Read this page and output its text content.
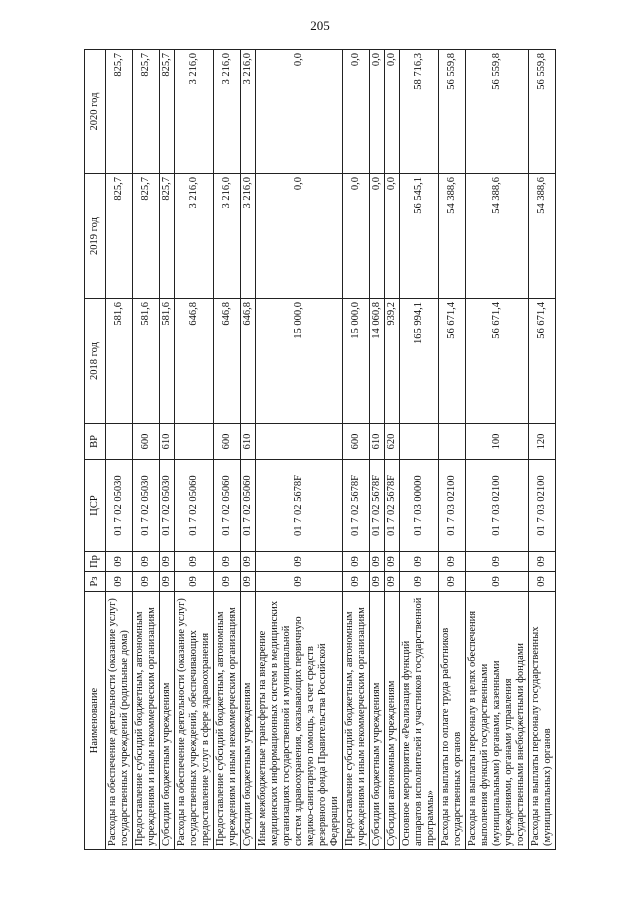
205
Наименование	Рз	Пр	ЦСР	ВР	2018 год	2019 год	2020 год
Расходы на обеспечение деятельности (оказание услуг) государственных учреждений (родильные дома)	09	09	01 7 02 05030		581,6	825,7	825,7
Предоставление субсидий бюджетным, автономным учреждениям и иным некоммерческим организациям	09	09	01 7 02 05030	600	581,6	825,7	825,7
Субсидии бюджетным учреждениям	09	09	01 7 02 05030	610	581,6	825,7	825,7
Расходы на обеспечение деятельности (оказание услуг) государственных учреждений, обеспечивающих предоставление услуг в сфере здравоохранения	09	09	01 7 02 05060		646,8	3 216,0	3 216,0
Предоставление субсидий бюджетным, автономным учреждениям и иным некоммерческим организациям	09	09	01 7 02 05060	600	646,8	3 216,0	3 216,0
Субсидии бюджетным учреждениям	09	09	01 7 02 05060	610	646,8	3 216,0	3 216,0
Иные межбюджетные трансферты на внедрение медицинских информационных систем в медицинских организациях государственной и муниципальной систем здравоохранения, оказывающих первичную медико-санитарную помощь, за счет средств резервного фонда Правительства Российской Федерации	09	09	01 7 02 5678F		15 000,0	0,0	0,0
Предоставление субсидий бюджетным, автономным учреждениям и иным некоммерческим организациям	09	09	01 7 02 5678F	600	15 000,0	0,0	0,0
Субсидии бюджетным учреждениям	09	09	01 7 02 5678F	610	14 060,8	0,0	0,0
Субсидии автономным учреждениям	09	09	01 7 02 5678F	620	939,2	0,0	0,0
Основное мероприятие «Реализация функций аппаратов исполнителей и участников государственной программы»	09	09	01 7 03 00000		165 994,1	56 545,1	58 716,3
Расходы на выплаты по оплате труда работников государственных органов	09	09	01 7 03 02100		56 671,4	54 388,6	56 559,8
Расходы на выплаты персоналу в целях обеспечения выполнения функций государственными (муниципальными) органами, казенными учреждениями, органами управления государственными внебюджетными фондами	09	09	01 7 03 02100	100	56 671,4	54 388,6	56 559,8
Расходы на выплаты персоналу государственных (муниципальных) органов	09	09	01 7 03 02100	120	56 671,4	54 388,6	56 559,8
